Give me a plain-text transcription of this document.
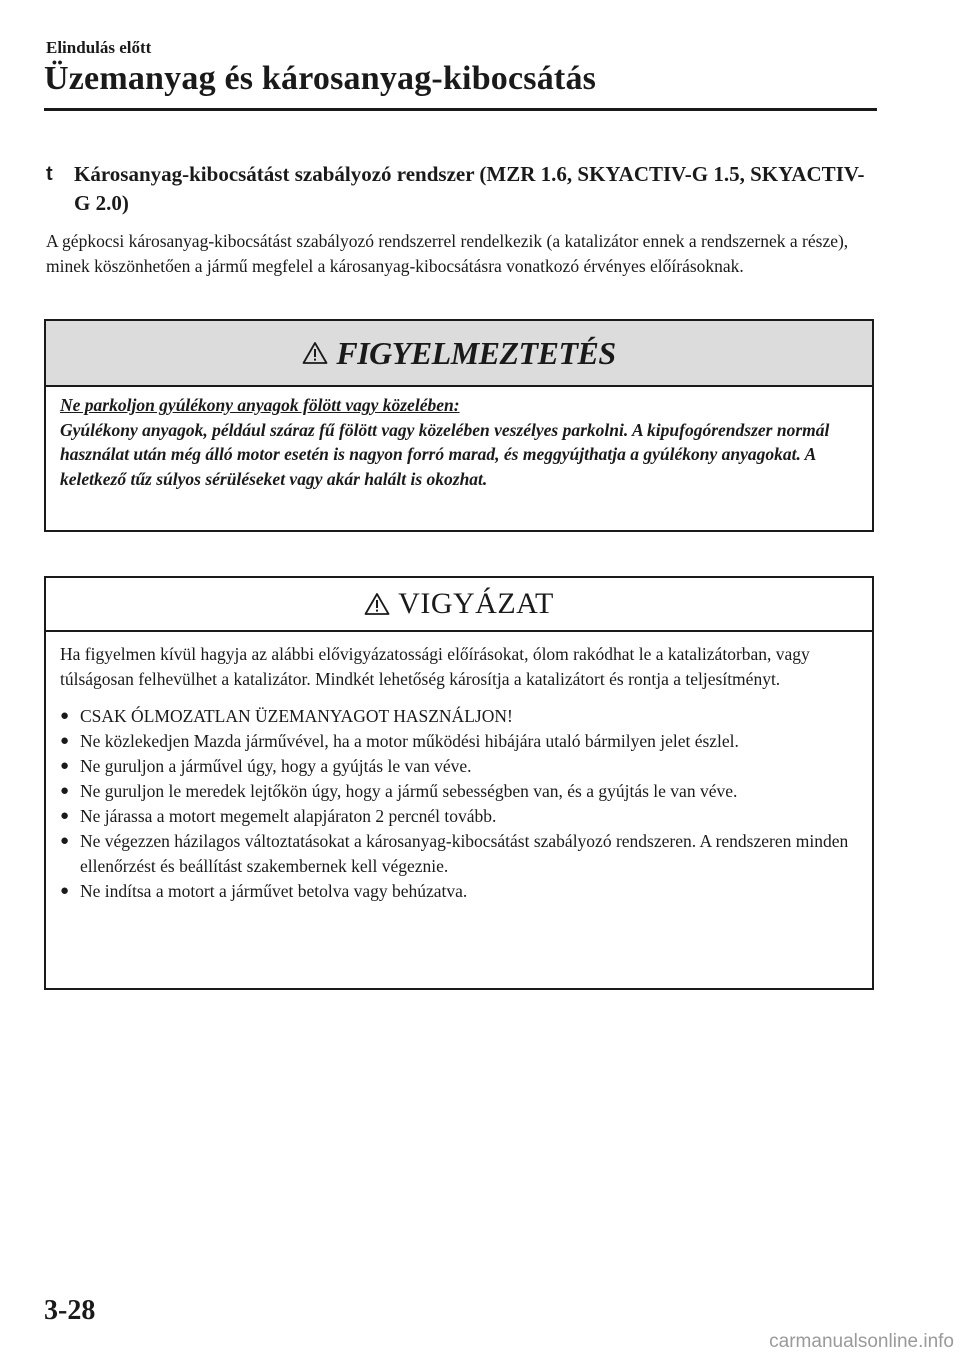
Elindulás előtt
Üzemanyag és károsanyag-kibocsátás
t Károsanyag-kibocsátást szabályozó rendszer (MZR 1.6, SKYACTIV-G 1.5, SKYACTIV-G 2.0)
A gépkocsi károsanyag-kibocsátást szabályozó rendszerrel rendelkezik (a katalizátor ennek a rendszernek a része), minek köszönhetően a jármű megfelel a károsanyag-kibocsátásra vonatkozó érvényes előírásoknak.
FIGYELMEZTETÉS
Ne parkoljon gyúlékony anyagok fölött vagy közelében:
Gyúlékony anyagok, például száraz fű fölött vagy közelében veszélyes parkolni. A kipufogórendszer normál használat után még álló motor esetén is nagyon forró marad, és meggyújthatja a gyúlékony anyagokat. A keletkező tűz súlyos sérüléseket vagy akár halált is okozhat.
VIGYÁZAT

Ha figyelmen kívül hagyja az alábbi elővigyázatossági előírásokat, ólom rakódhat le a katalizátorban, vagy túlságosan felhevülhet a katalizátor. Mindkét lehetőség károsítja a katalizátort és rontja a teljesítményt.

● CSAK ÓLMOZATLAN ÜZEMANYAGOT HASZNÁLJON!
● Ne közlekedjen Mazda járművével, ha a motor működési hibájára utaló bármilyen jelet észlel.
● Ne guruljon a járművel úgy, hogy a gyújtás le van véve.
● Ne guruljon le meredek lejtőkön úgy, hogy a jármű sebességben van, és a gyújtás le van véve.
● Ne járassa a motort megemelt alapjáraton 2 percnél tovább.
● Ne végezzen házilagos változtatásokat a károsanyag-kibocsátást szabályozó rendszeren. A rendszeren minden ellenőrzést és beállítást szakembernek kell végeznie.
● Ne indítsa a motort a járművet betolva vagy behúzatva.
3-28
carmanualsonline.info
